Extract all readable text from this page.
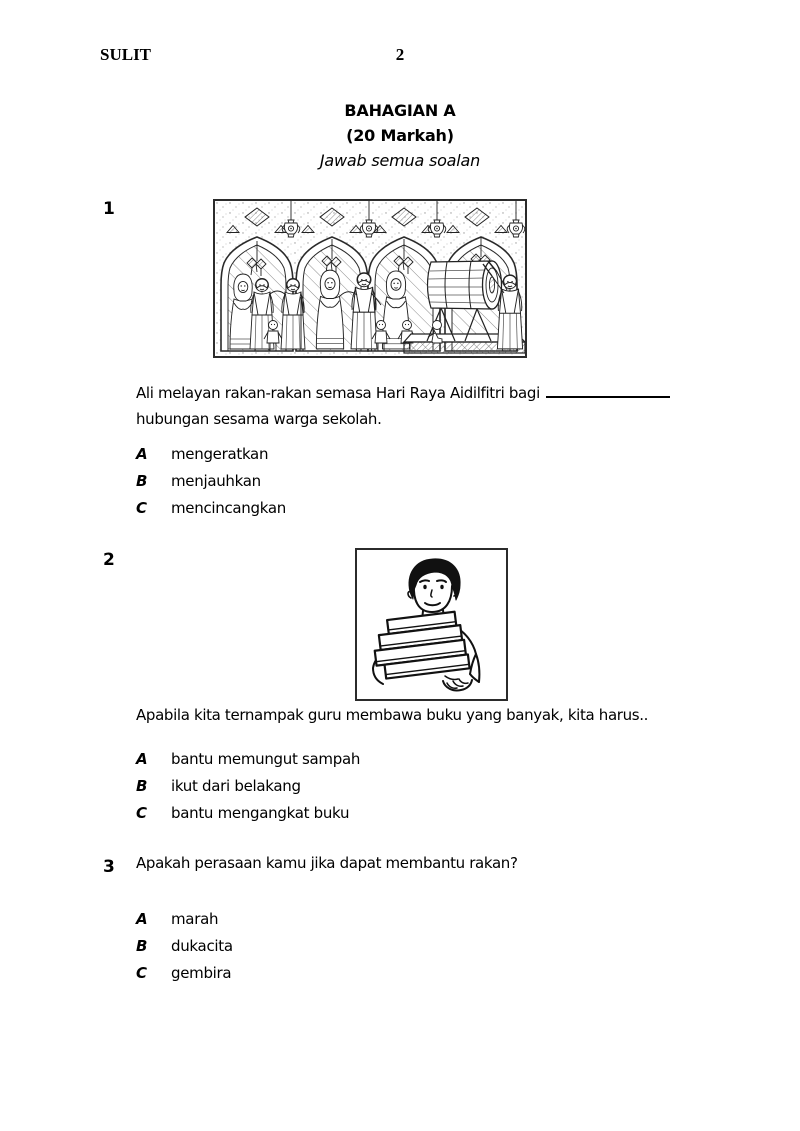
SULIT	2
BAHAGIAN A
(20 Markah)
Jawab semua soalan
1
Ali melayan rakan-rakan semasa Hari Raya Aidilfitri bagi
hubungan sesama warga sekolah.
A	mengeratkan
B	menjauhkan
C	mencincangkan
2
Apabila kita ternampak guru membawa buku yang banyak, kita harus..
A	bantu memungut sampah
B	ikut dari belakang
C	bantu mengangkat buku
3 Apakah perasaan kamu jika dapat membantu rakan?
A	marah
B	dukacita
C	gembira
